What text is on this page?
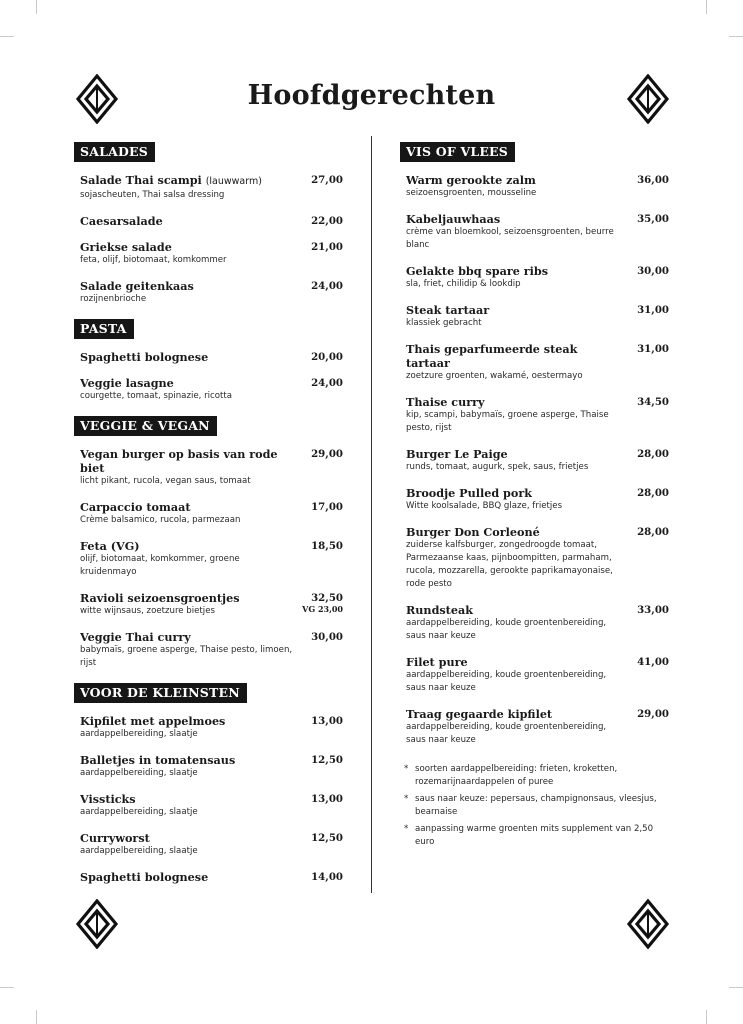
Hoofdgerechten
SALADES
Salade Thai scampi (lauwwarm)
sojascheuten, Thai salsa dressing
27,00
Caesarsalade	22,00
Griekse salade
feta, olijf, biotomaat, komkommer
21,00
Salade geitenkaas
rozijnenbrioche
24,00
PASTA
Spaghetti bolognese	20,00
Veggie lasagne
courgette, tomaat, spinazie, ricotta
24,00
VEGGIE & VEGAN
Vegan burger op basis van rode biet
licht pikant, rucola, vegan saus, tomaat
29,00
Carpaccio tomaat
Crème balsamico, rucola, parmezaan
17,00
Feta (VG)
olijf, biotomaat, komkommer, groene kruidenmayo
18,50
Ravioli seizoensgroentjes
witte wijnsaus, zoetzure bietjes
32,50
VG 23,00
Veggie Thai curry
babymaïs, groene asperge, Thaise pesto, limoen, rijst
30,00
VOOR DE KLEINSTEN
Kipfilet met appelmoes
aardappelbereiding, slaatje
13,00
Balletjes in tomatensaus
aardappelbereiding, slaatje
12,50
Vissticks
aardappelbereiding, slaatje
13,00
Curryworst
aardappelbereiding, slaatje
12,50
Spaghetti bolognese	14,00
VIS OF VLEES
Warm gerookte zalm
seizoensgroenten, mousseline
36,00
Kabeljauwhaas
crème van bloemkool, seizoensgroenten, beurre blanc
35,00
Gelakte bbq spare ribs
sla, friet, chilidip & lookdip
30,00
Steak tartaar
klassiek gebracht
31,00
Thais geparfumeerde steak tartaar
zoetzure groenten, wakamé, oestermayo
31,00
Thaise curry
kip, scampi, babymaïs, groene asperge, Thaise pesto, rijst
34,50
Burger Le Paige
runds, tomaat, augurk, spek, saus, frietjes
28,00
Broodje Pulled pork
Witte koolsalade, BBQ glaze, frietjes
28,00
Burger Don Corleoné
zuiderse kalfsburger, zongedroogde tomaat, Parmezaanse kaas, pijnboompitten, parmaham, rucola, mozzarella, gerookte paprikamayonaise, rode pesto
28,00
Rundsteak
aardappelbereiding, koude groentenbereiding, saus naar keuze
33,00
Filet pure
aardappelbereiding, koude groentenbereiding, saus naar keuze
41,00
Traag gegaarde kipfilet
aardappelbereiding, koude groentenbereiding, saus naar keuze
29,00
* soorten aardappelbereiding: frieten, kroketten, rozemarijnaardappelen of puree
* saus naar keuze: pepersaus, champignonsaus, vleesjus, bearnaise
* aanpassing warme groenten mits supplement van 2,50 euro
